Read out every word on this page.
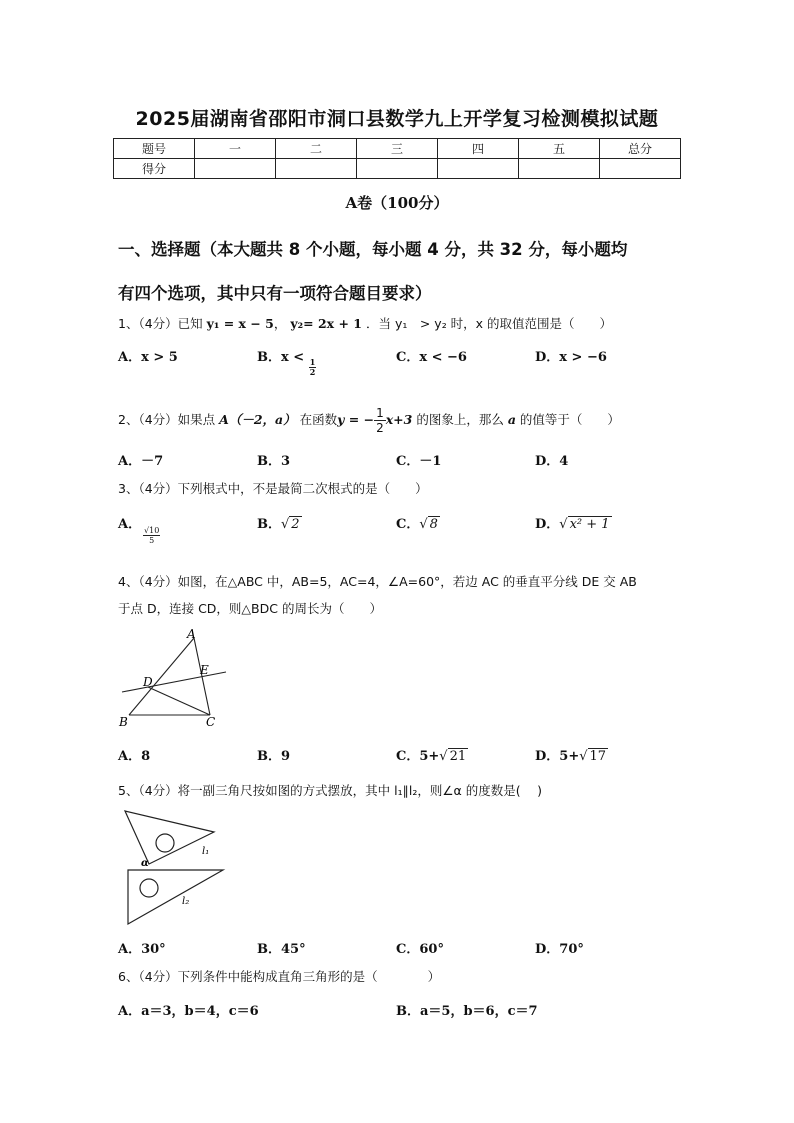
2025届湖南省邵阳市洞口县数学九上开学复习检测模拟试题
题号	一	二	三	四	五	总分
得分						
A卷（100分）
一、选择题（本大题共 8 个小题，每小题 4 分，共 32 分，每小题均
有四个选项，其中只有一项符合题目要求）
1、（4分）已知 y₁ = x − 5， y₂= 2x + 1 ．当 y₁　> y₂ 时，x 的取值范围是（　　）
A．x > 5	B．x <
$\frac{1}{2}$
C．x < −6	D．x > −6
2、（4分）如果点 A（－2，a） 在函数y = − $\frac{1}{2}x+3$ 的图象上，那么 a 的值等于（　　）
A．－7	B．3	C．－1	D．4
3、（4分）下列根式中，不是最简二次根式的是（　　）
A．
$\frac{√10}{5}$
B．√ 2	C．√ 8	D．√ x² + 1
4、（4分）如图，在△ABC 中，AB=5，AC=4，∠A=60°，若边 AC 的垂直平分线 DE 交 AB
于点 D，连接 CD，则△BDC 的周长为（　　）
A
E
D
B	C
A．8	B．9	C．5+√ 21	D．5+√ 17
5、（4分）将一副三角尺按如图的方式摆放，其中 l₁∥l₂，则∠α 的度数是(　 )
l₁
l₂
α
A．30°	B．45°	C．60°	D．70°
6、（4分）下列条件中能构成直角三角形的是（　　　　）
A．a＝3，b＝4，c＝6	B．a＝5，b＝6，c＝7
